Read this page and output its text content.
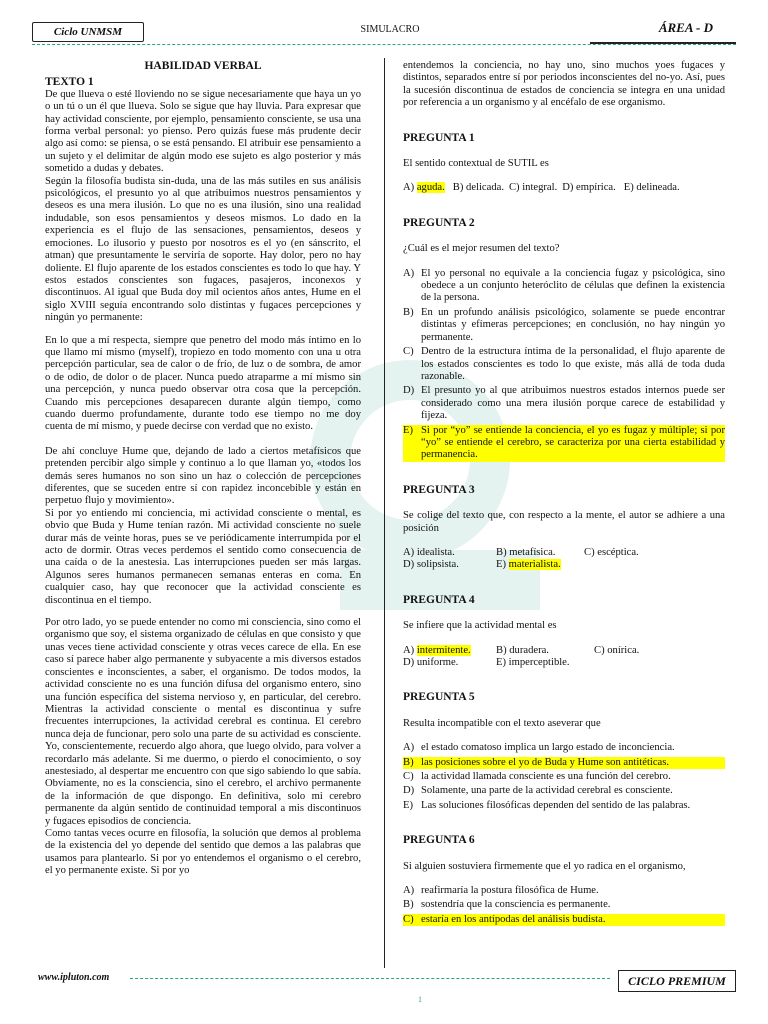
Ciclo UNMSM	SIMULACRO	ÁREA - D

HABILIDAD VERBAL

TEXTO 1

De que llueva o esté lloviendo no se sigue necesariamente que haya un yo o un tú o un él que llueva. Solo se sigue que hay lluvia. Para expresar que hay actividad consciente, por ejemplo, pensamiento consciente, se usa una forma verbal personal: yo pienso. Pero quizás fuese más prudente decir algo así como: se piensa, o se está pensando. El atribuir ese pensamiento a un sujeto y el delimitar de algún modo ese sujeto es algo posterior y más sometido a dudas y debates.

Según la filosofía budista sin-duda, una de las más sutiles en sus análisis psicológicos, el presunto yo al que atribuimos nuestros pensamientos y deseos es una mera ilusión. Lo que no es una ilusión, sino una realidad indudable, son esos pensamientos y deseos mismos. Lo dado en la experiencia es el flujo de las sensaciones, pensamientos, deseos y emociones. Lo ilusorio y puesto por nosotros es el yo (en sánscrito, el atman) que presuntamente le serviría de soporte. Hay dolor, pero no hay doliente. El flujo aparente de los estados conscientes es todo lo que hay. Y estos estados conscientes son fugaces, pasajeros, inconexos y discontinuos. Al igual que Buda doy mil ocientos años antes, Hume en el siglo XVIII seguía encontrando solo distintas y fugaces percepciones y ningún yo permanente:

En lo que a mí respecta, siempre que penetro del modo más íntimo en lo que llamo mí mismo (myself), tropiezo en todo momento con una u otra percepción particular, sea de calor o de frío, de luz o de sombra, de amor o de odio, de dolor o de placer. Nunca puedo atraparme a mí mismo sin una percepción, y nunca puedo observar otra cosa que la percepción. Cuando mis percepciones desaparecen durante algún tiempo, como cuando duermo profundamente, durante todo ese tiempo no me doy cuenta de mí mismo, y puede decirse con verdad que no existo.

De ahí concluye Hume que, dejando de lado a ciertos metafísicos que pretenden percibir algo simple y continuo a lo que llaman yo, «todos los demás seres humanos no son sino un haz o colección de percepciones diferentes, que se suceden entre sí con rapidez inconcebible y están en perpetuo flujo y movimiento».

Si por yo entiendo mi conciencia, mi actividad consciente o mental, es obvio que Buda y Hume tenían razón. Mi actividad consciente no suele durar más de veinte horas, pues se ve periódicamente interrumpida por el acto de dormir. Otras veces perdemos el sentido como consecuencia de una caída o de la anestesia. Las interrupciones pueden ser más largas. Algunos seres humanos permanecen semanas enteras en coma. En cualquier caso, hay que reconocer que la actividad consciente es discontinua en el tiempo.

Por otro lado, yo se puede entender no como mi consciencia, sino como el organismo que soy, el sistema organizado de células en que consisto y que unas veces tiene actividad consciente y otras veces carece de ella. En ese caso sí parece haber algo permanente y subyacente a mis diversos estados conscientes e inconscientes, a saber, el organismo. De todos modos, la actividad consciente no es una función difusa del organismo entero, sino una función específica del sistema nervioso y, en particular, del cerebro. Mientras la actividad consciente o mental es discontinua y sufre frecuentes interrupciones, la actividad cerebral es continua. El cerebro nunca deja de funcionar, pero solo una parte de su actividad es consciente. Yo, conscientemente, recuerdo algo ahora, que luego olvido, para volver a recordarlo más adelante. Si me duermo, o pierdo el conocimiento, o soy anestesiado, al despertar me encuentro con que sigo sabiendo lo que sabía. Obviamente, no es la consciencia, sino el cerebro, el archivo permanente de la información de que dispongo. En definitiva, solo mi cerebro permanente da algún sentido de continuidad temporal a mis discontinuos y fugaces episodios de conciencia.

Como tantas veces ocurre en filosofía, la solución que demos al problema de la existencia del yo depende del sentido que demos a las palabras que usamos para plantearlo. Si por yo entendemos el organismo o el cerebro, el yo permanente existe. Si por yo

entendemos la conciencia, no hay uno, sino muchos yoes fugaces y distintos, separados entre sí por periodos inconscientes del no-yo. Así, pues la sucesión discontinua de estados de conciencia se integra en una unidad por referencia a un organismo y al encéfalo de ese organismo.

PREGUNTA 1

El sentido contextual de SUTIL es

A) aguda. B) delicada. C) integral. D) empírica. E) delineada.

PREGUNTA 2

¿Cuál es el mejor resumen del texto?

A) El yo personal no equivale a la conciencia fugaz y psicológica, sino obedece a un conjunto heteróclito de células que definen la existencia de la persona.
B) En un profundo análisis psicológico, solamente se puede encontrar distintas y efímeras percepciones; en conclusión, no hay ningún yo permanente.
C) Dentro de la estructura íntima de la personalidad, el flujo aparente de los estados conscientes es todo lo que existe, más allá de toda duda razonable.
D) El presunto yo al que atribuimos nuestros estados internos puede ser considerado como una mera ilusión porque carece de estabilidad y fijeza.
E) Si por “yo” se entiende la conciencia, el yo es fugaz y múltiple; si por “yo” se entiende el cerebro, se caracteriza por una cierta estabilidad y permanencia.

PREGUNTA 3

Se colige del texto que, con respecto a la mente, el autor se adhiere a una posición

A) idealista.	B) metafísica.	C) escéptica.
D) solipsista.	E) materialista.

PREGUNTA 4

Se infiere que la actividad mental es

A) intermitente.	B) duradera.	C) onírica.
D) uniforme.	E) imperceptible.

PREGUNTA 5

Resulta incompatible con el texto aseverar que

A) el estado comatoso implica un largo estado de inconciencia.
B) las posiciones sobre el yo de Buda y Hume son antitéticas.
C) la actividad llamada consciente es una función del cerebro.
D) Solamente, una parte de la actividad cerebral es consciente.
E) Las soluciones filosóficas dependen del sentido de las palabras.

PREGUNTA 6

Si alguien sostuviera firmemente que el yo radica en el organismo,

A) reafirmaría la postura filosófica de Hume.
B) sostendría que la consciencia es permanente.
C) estaría en los antípodas del análisis budista.
www.ipluton.com	CICLO PREMIUM
1
